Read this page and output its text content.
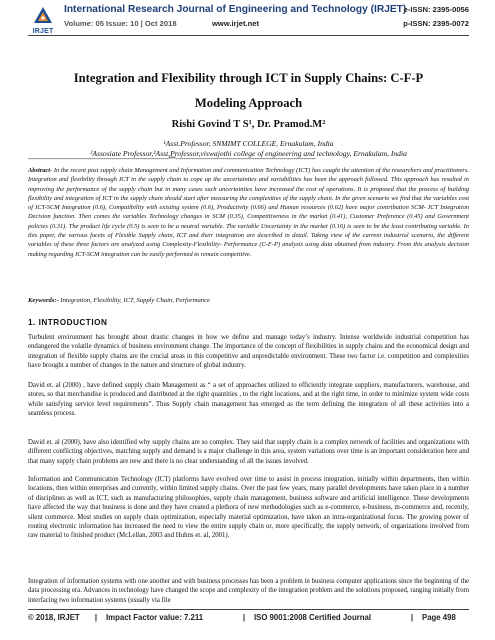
IRJET
International Research Journal of Engineering and Technology (IRJET)
Volume: 05 Issue: 10 | Oct 2018	www.irjet.net
e-ISSN: 2395-0056
p-ISSN: 2395-0072
Integration and Flexibility through ICT in Supply Chains: C-F-P
Modeling Approach
Rishi Govind T S¹, Dr. Pramod.M²
¹Asst.Professor, SNMIMT COLLEGE, Ernakulam, India
²Assosiate Professor,²Asst.Professor,viswajothi college of engineering and technology, Ernakulam, India
---------------------------------------------------------------------***---------------------------------------------------------------------
Abstract- In the recent past supply chain Management and Information and communication Technology (ICT) has caught the attention of the researchers and practitioners. Integration and flexibility through ICT in the supply chain to cope up the uncertainties and variabilities has been the approach followed. This approach has resulted in improving the performance of the supply chain but in many cases such uncertainties have increased the cost of operations. It is proposed that the process of building flexibility and integration of ICT in the supply chain should start after measuring the complexities of the supply chain. In the given scenario we find that the variables cost of ICT-SCM Integration (0.6), Compatibility with existing system (0.6), Productivity (0.66) and Human resources (0.62) have major contribution SCM- ICT Integration Decision function. Then comes the variables Technology changes in SCM (0.35), Competitiveness in the market (0.41), Customer Preference (0.45) and Government policies (0.31). The product life cycle (0.5) is seen to be a neutral variable. The variable Uncertainty in the market (0.16) is seen to be the least contributing variable. In this paper, the various facets of Flexible Supply chain, ICT and their integration are described in detail. Taking view of the current industrial scenario, the different variables of these three factors are analyzed using Complexity-Flexibility- Performance (C-F-P) analysis using data obtained from industry. From this analysis decision making regarding ICT-SCM integration can be easily performed to remain competitive.
Keywords:- Integration, Flexibility, ICT, Supply Chain, Performance
1. INTRODUCTION
Turbulent environment has brought about drastic changes in how we define and manage today’s industry. Intense worldwide industrial competition has endangered the volatile dynamics of business environment change. The importance of the concept of flexibilities in supply chains and the economical design and integration of flexible supply chains are the crucial areas in this competitive and unpredictable environment. These two factor i.e. competition and complexities have brought a number of changes in the nature and structure of global industry.
David et. al (2000) , have defined supply chain Management as “ a set of approaches utilized to efficiently integrate suppliers, manufacturers, warehouse, and stores, so that merchandise is produced and distributed at the right quantities , to the right locations, and at the right time, in order to minimize system wide costs while satisfying service level requirements”. Thus Supply chain management has emerged as the term defining the integration of all these activities into a seamless process.
David et. al (2000), have also identified why supply chains are so complex. They said that supply chain is a complex network of facilities and organizations with different conflicting objectives, matching supply and demand is a major challenge in this area, system variations over time is an important consideration here and that many supply chain problems are new and there is no clear understanding of all the issues involved.
Information and Communication Technology (ICT) platforms have evolved over time to assist in process integration, initially within departments, then within locations, then within enterprises and currently, within limited supply chains. Over the past few years, many parallel developments have taken place in a number of disciplines as well as ICT, such as manufacturing philosophies, supply chain management, business software and artificial intelligence. These developments have affected the way that business is done and they have created a plethora of new methodologies such as e-commerce, e-business, m-commerce and, recently, silent commerce. Most studies on supply chain optimization, especially material optimization, have taken an intra-organizational focus. The growing power of routing electronic information has increased the need to view the entire supply chain or, more specifically, the supply network, of organizations involved from raw material to finished product (McLellan, 2003 and Huhns et. al, 2001).
Integration of information systems with one another and with business processes has been a problem in business computer applications since the beginning of the data processing era. Advances in technology have changed the scope and complexity of the integration problem and the solutions proposed, ranging initially from interfacing two information systems (usually via file
© 2018, IRJET | Impact Factor value: 7.211	| ISO 9001:2008 Certified Journal	| Page 498
